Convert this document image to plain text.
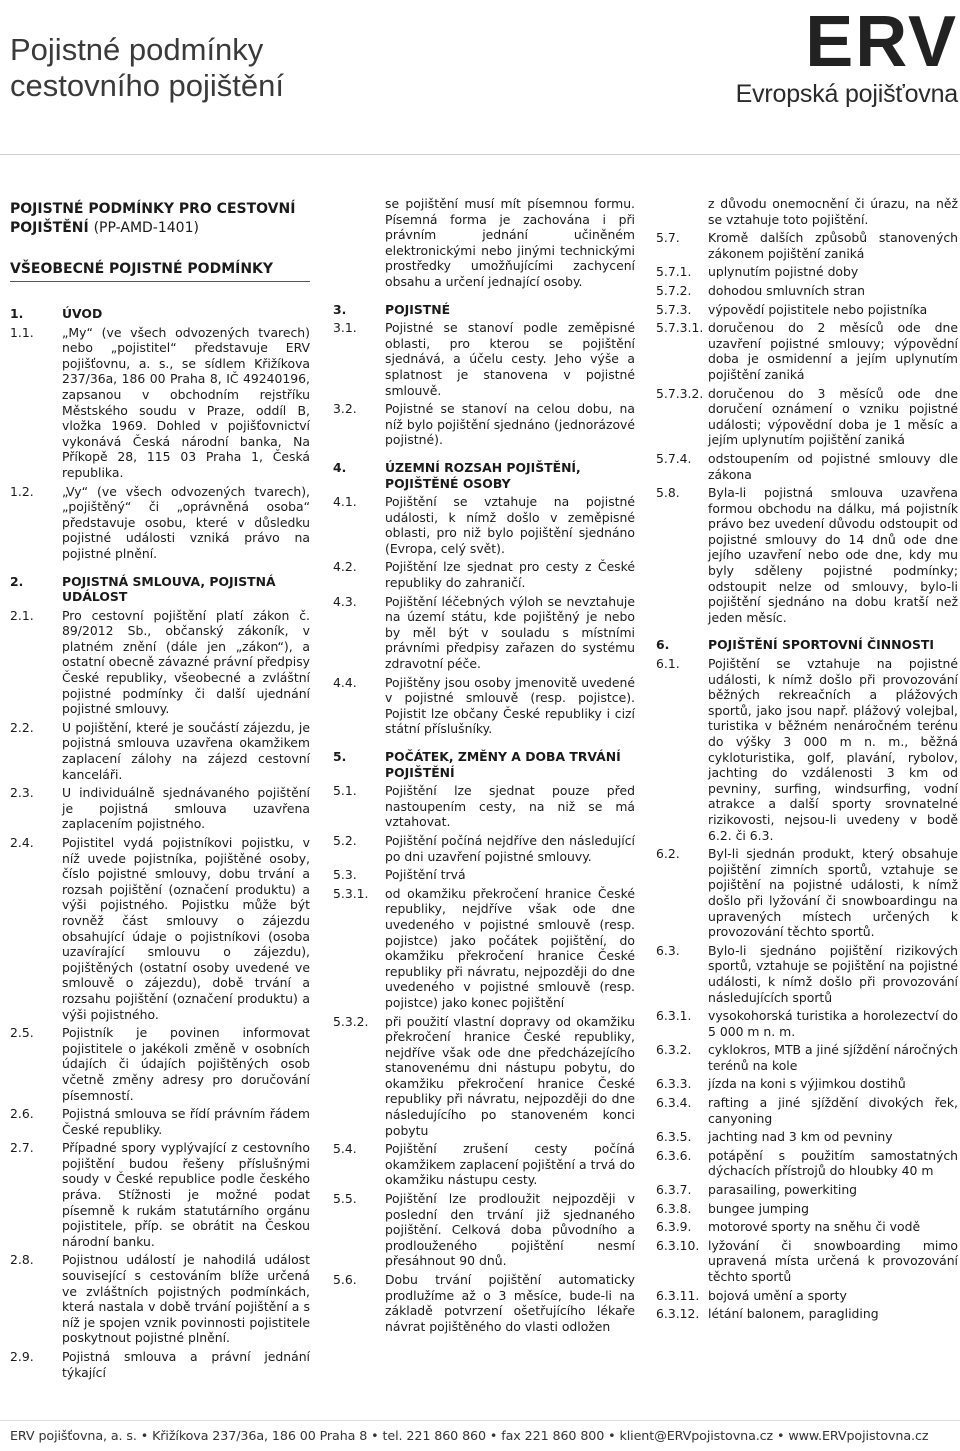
Pojistné podmínky
cestovního pojištění
ERV
Evropská pojišťovna
POJISTNÉ PODMÍNKY PRO CESTOVNÍ POJIŠTĚNÍ (PP-AMD-1401)
VŠEOBECNÉ POJISTNÉ PODMÍNKY
1.	ÚVOD
1.1.	„My“ (ve všech odvozených tvarech) nebo „pojistitel“ představuje ERV pojišťovnu, a. s., se sídlem Křižíkova 237/36a, 186 00 Praha 8, IČ 49240196, zapsanou v obchodním rejstříku Městského soudu v Praze, oddíl B, vložka 1969. Dohled v pojišťovnictví vykonává Česká národní banka, Na Příkopě 28, 115 03 Praha 1, Česká republika.
1.2.	„Vy“ (ve všech odvozených tvarech), „pojištěný“ či „oprávněná osoba“ představuje osobu, které v důsledku pojistné události vzniká právo na pojistné plnění.
2.	POJISTNÁ SMLOUVA, POJISTNÁ UDÁLOST
2.1.	Pro cestovní pojištění platí zákon č. 89/2012 Sb., občanský zákoník, v platném znění (dále jen „zákon“), a ostatní obecně závazné právní předpisy České republiky, všeobecné a zvláštní pojistné podmínky či další ujednání pojistné smlouvy.
2.2.	U pojištění, které je součástí zájezdu, je pojistná smlouva uzavřena okamžikem zaplacení zálohy na zájezd cestovní kanceláři.
2.3.	U individuálně sjednávaného pojištění je pojistná smlouva uzavřena zaplacením pojistného.
2.4.	Pojistitel vydá pojistníkovi pojistku, v níž uvede pojistníka, pojištěné osoby, číslo pojistné smlouvy, dobu trvání a rozsah pojištění (označení produktu) a výši pojistného. Pojistku může být rovněž část smlouvy o zájezdu obsahující údaje o pojistníkovi (osoba uzavírající smlouvu o zájezdu), pojištěných (ostatní osoby uvedené ve smlouvě o zájezdu), době trvání a rozsahu pojištění (označení produktu) a výši pojistného.
2.5.	Pojistník je povinen informovat pojistitele o jakékoli změně v osobních údajích či údajích pojištěných osob včetně změny adresy pro doručování písemností.
2.6.	Pojistná smlouva se řídí právním řádem České republiky.
2.7.	Případné spory vyplývající z cestovního pojištění budou řešeny příslušnými soudy v České republice podle českého práva. Stížnosti je možné podat písemně k rukám statutárního orgánu pojistitele, příp. se obrátit na Českou národní banku.
2.8.	Pojistnou událostí je nahodilá událost související s cestováním blíže určená ve zvláštních pojistných podmínkách, která nastala v době trvání pojištění a s níž je spojen vznik povinnosti pojistitele poskytnout pojistné plnění.
2.9.	Pojistná smlouva a právní jednání týkající
se pojištění musí mít písemnou formu. Písemná forma je zachována i při právním jednání učiněném elektronickými nebo jinými technickými prostředky umožňujícími zachycení obsahu a určení jednající osoby.
3.	POJISTNÉ
3.1.	Pojistné se stanoví podle zeměpisné oblasti, pro kterou se pojištění sjednává, a účelu cesty. Jeho výše a splatnost je stanovena v pojistné smlouvě.
3.2.	Pojistné se stanoví na celou dobu, na níž bylo pojištění sjednáno (jednorázové pojistné).
4.	ÚZEMNÍ ROZSAH POJIŠTĚNÍ, POJIŠTĚNÉ OSOBY
4.1.	Pojištění se vztahuje na pojistné události, k nímž došlo v zeměpisné oblasti, pro niž bylo pojištění sjednáno (Evropa, celý svět).
4.2.	Pojištění lze sjednat pro cesty z České republiky do zahraničí.
4.3.	Pojištění léčebných výloh se nevztahuje na území státu, kde pojištěný je nebo by měl být v souladu s místními právními předpisy zařazen do systému zdravotní péče.
4.4.	Pojištěny jsou osoby jmenovitě uvedené v pojistné smlouvě (resp. pojistce). Pojistit lze občany České republiky i cizí státní příslušníky.
5.	POČÁTEK, ZMĚNY A DOBA TRVÁNÍ POJIŠTĚNÍ
5.1.	Pojištění lze sjednat pouze před nastoupením cesty, na niž se má vztahovat.
5.2.	Pojištění počíná nejdříve den následující po dni uzavření pojistné smlouvy.
5.3.	Pojištění trvá
5.3.1.	od okamžiku překročení hranice České republiky, nejdříve však ode dne uvedeného v pojistné smlouvě (resp. pojistce) jako počátek pojištění, do okamžiku překročení hranice České republiky při návratu, nejpozději do dne uvedeného v pojistné smlouvě (resp. pojistce) jako konec pojištění
5.3.2.	při použití vlastní dopravy od okamžiku překročení hranice České republiky, nejdříve však ode dne předcházejícího stanovenému dni nástupu pobytu, do okamžiku překročení hranice České republiky při návratu, nejpozději do dne následujícího po stanoveném konci pobytu
5.4.	Pojištění zrušení cesty počíná okamžikem zaplacení pojištění a trvá do okamžiku nástupu cesty.
5.5.	Pojištění lze prodloužit nejpozději v poslední den trvání již sjednaného pojištění. Celková doba původního a prodlouženého pojištění nesmí přesáhnout 90 dnů.
5.6.	Dobu trvání pojištění automaticky prodlužíme až o 3 měsíce, bude-li na základě potvrzení ošetřujícího lékaře návrat pojištěného do vlasti odložen
z důvodu onemocnění či úrazu, na něž se vztahuje toto pojištění.
5.7.	Kromě dalších způsobů stanovených zákonem pojištění zaniká
5.7.1.	uplynutím pojistné doby
5.7.2.	dohodou smluvních stran
5.7.3.	výpovědí pojistitele nebo pojistníka
5.7.3.1. doručenou do 2 měsíců ode dne uzavření pojistné smlouvy; výpovědní doba je osmidenní a jejím uplynutím pojištění zaniká
5.7.3.2. doručenou do 3 měsíců ode dne doručení oznámení o vzniku pojistné události; výpovědní doba je 1 měsíc a jejím uplynutím pojištění zaniká
5.7.4.	odstoupením od pojistné smlouvy dle zákona
5.8.	Byla-li pojistná smlouva uzavřena formou obchodu na dálku, má pojistník právo bez uvedení důvodu odstoupit od pojistné smlouvy do 14 dnů ode dne jejího uzavření nebo ode dne, kdy mu byly sděleny pojistné podmínky; odstoupit nelze od smlouvy, bylo-li pojištění sjednáno na dobu kratší než jeden měsíc.
6.	POJIŠTĚNÍ SPORTOVNÍ ČINNOSTI
6.1.	Pojištění se vztahuje na pojistné události, k nímž došlo při provozování běžných rekreačních a plážových sportů, jako jsou např. plážový volejbal, turistika v běžném nenáročném terénu do výšky 3 000 m n. m., běžná cykloturistika, golf, plavání, rybolov, jachting do vzdálenosti 3 km od pevniny, surfing, windsurfing, vodní atrakce a další sporty srovnatelné rizikovosti, nejsou-li uvedeny v bodě 6.2. či 6.3.
6.2.	Byl-li sjednán produkt, který obsahuje pojištění zimních sportů, vztahuje se pojištění na pojistné události, k nímž došlo při lyžování či snowboardingu na upravených místech určených k provozování těchto sportů.
6.3.	Bylo-li sjednáno pojištění rizikových sportů, vztahuje se pojištění na pojistné události, k nímž došlo při provozování následujících sportů
6.3.1.	vysokohorská turistika a horolezectví do 5 000 m n. m.
6.3.2.	cyklokros, MTB a jiné sjíždění náročných terénů na kole
6.3.3.	jízda na koni s výjimkou dostihů
6.3.4.	rafting a jiné sjíždění divokých řek, canyoning
6.3.5.	jachting nad 3 km od pevniny
6.3.6.	potápění s použitím samostatných dýchacích přístrojů do hloubky 40 m
6.3.7.	parasailing, powerkiting
6.3.8.	bungee jumping
6.3.9.	motorové sporty na sněhu či vodě
6.3.10. lyžování či snowboarding mimo upravená místa určená k provozování těchto sportů
6.3.11. bojová umění a sporty
6.3.12. létání balonem, paragliding
ERV pojišťovna, a. s. • Křižíkova 237/36a, 186 00 Praha 8 • tel. 221 860 860 • fax 221 860 800 • klient@ERVpojistovna.cz • www.ERVpojistovna.cz
